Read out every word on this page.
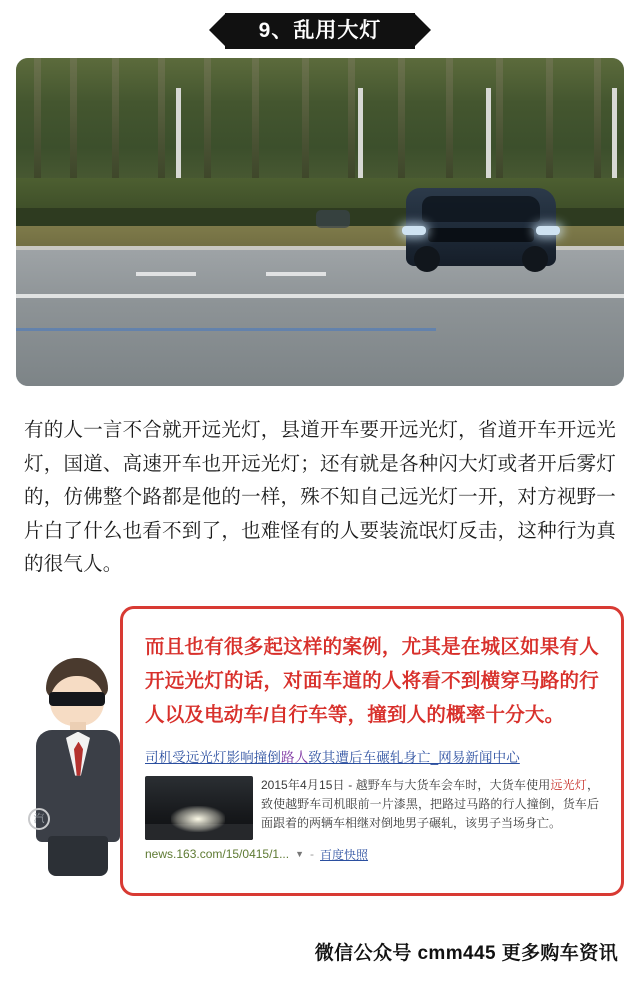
9、乱用大灯
有的人一言不合就开远光灯，县道开车要开远光灯，省道开车开远光灯，国道、高速开车也开远光灯；还有就是各种闪大灯或者开后雾灯的，仿佛整个路都是他的一样，殊不知自己远光灯一开，对方视野一片白了什么也看不到了，也难怪有的人要装流氓灯反击，这种行为真的很气人。
汽
而且也有很多起这样的案例，尤其是在城区如果有人开远光灯的话，对面车道的人将看不到横穿马路的行人以及电动车/自行车等，撞到人的概率十分大。
司机受远光灯影响撞倒路人致其遭后车碾轧身亡_网易新闻中心
2015年4月15日 - 越野车与大货车会车时，大货车使用远光灯，致使越野车司机眼前一片漆黑，把路过马路的行人撞倒，货车后面跟着的两辆车相继对倒地男子碾轧，该男子当场身亡。
news.163.com/15/0415/1... ▼ - 百度快照
微信公众号 cmm445 更多购车资讯
